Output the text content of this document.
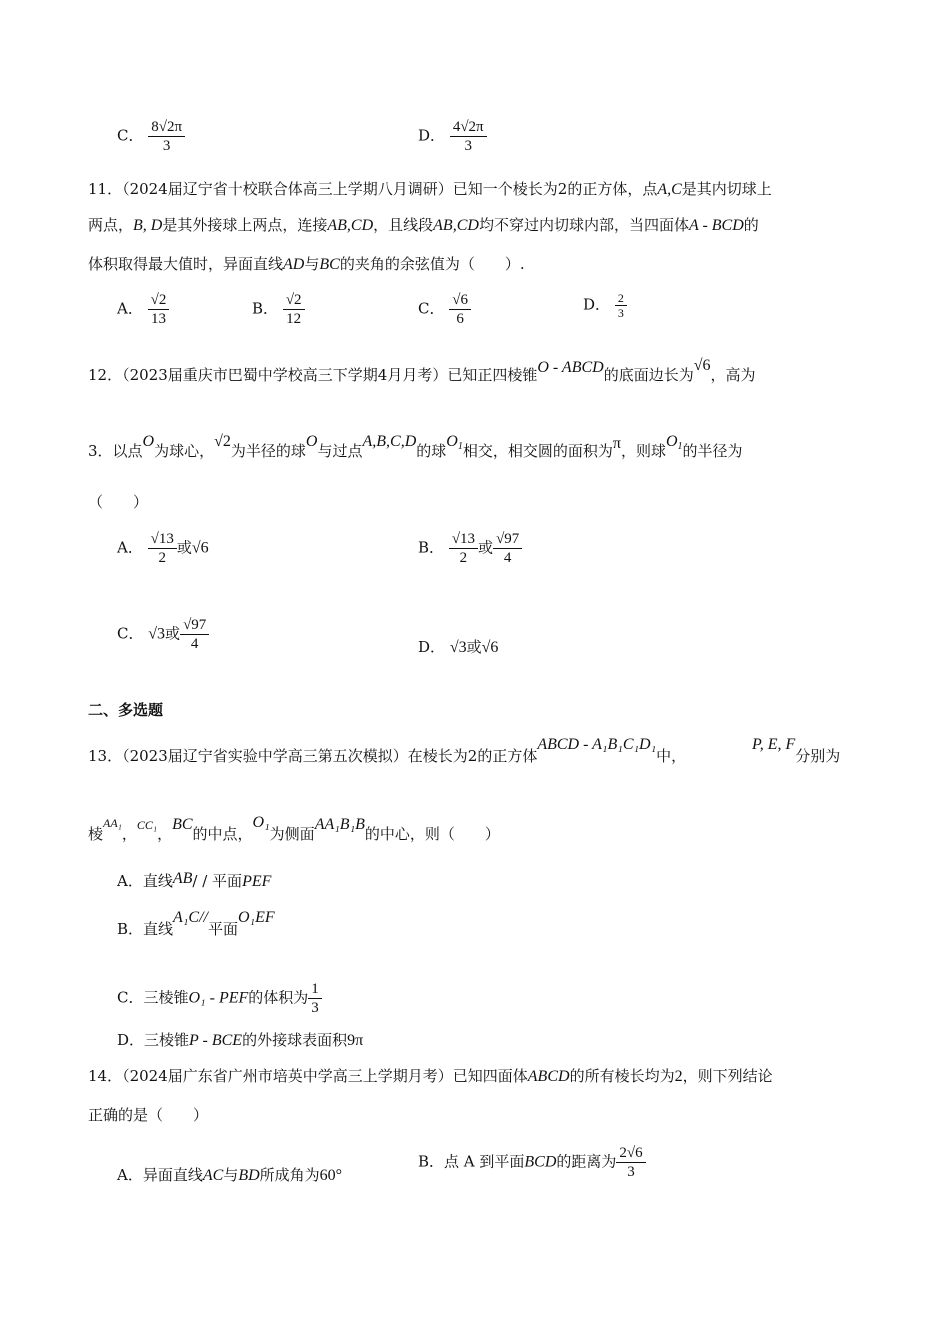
C． $\frac{8√2\pi}{3}$	D． $\frac{4√2\pi}{3}$
11．（2024届辽宁省十校联合体高三上学期八月调研）已知一个棱长为2的正方体，点A,C是其内切球上
两点，B, D是其外接球上两点，连接AB,CD，且线段AB,CD均不穿过内切球内部，当四面体A - BCD的
体积取得最大值时，异面直线AD与BC的夹角的余弦值为（　　）.
A． $\frac{√2}{13}$	B． $\frac{√2}{12}$	C． $\frac{√6}{6}$	D． $\frac{2}{3}$
12．（2023届重庆市巴蜀中学校高三下学期4月月考）已知正四棱锥O - ABCD的底面边长为√6，高为
3．以点O为球心，√2为半径的球O与过点A,B,C,D的球$O_1$相交，相交圆的面积为π，则球$O_1$的半径为
（　　）
A． $\frac{√13}{2}$ 或√6	B． $\frac{√13}{2}$ 或 $\frac{√97}{4}$
C． √3或 $\frac{√97}{4}$	D． √3或√6
二、多选题
13．（2023届辽宁省实验中学高三第五次模拟）在棱长为2的正方体ABCD - A₁B₁C₁D₁中，
P, E, F分别为
棱$^{AA_1}$，$^{CC_1}$，BC的中点，O₁为侧面AA₁B₁B的中心，则（　　）
A．直线AB/ / 平面PEF
B．直线A₁C//平面O₁EF
C．三棱锥O₁ - PEF的体积为 $\frac{1}{3}$
D．三棱锥P - BCE的外接球表面积9π
14．（2024届广东省广州市培英中学高三上学期月考）已知四面体ABCD的所有棱长均为2，则下列结论
正确的是（　　）
A．异面直线AC与BD所成角为60°
B．点 A 到平面BCD的距离为 $\frac{2√6}{3}$
